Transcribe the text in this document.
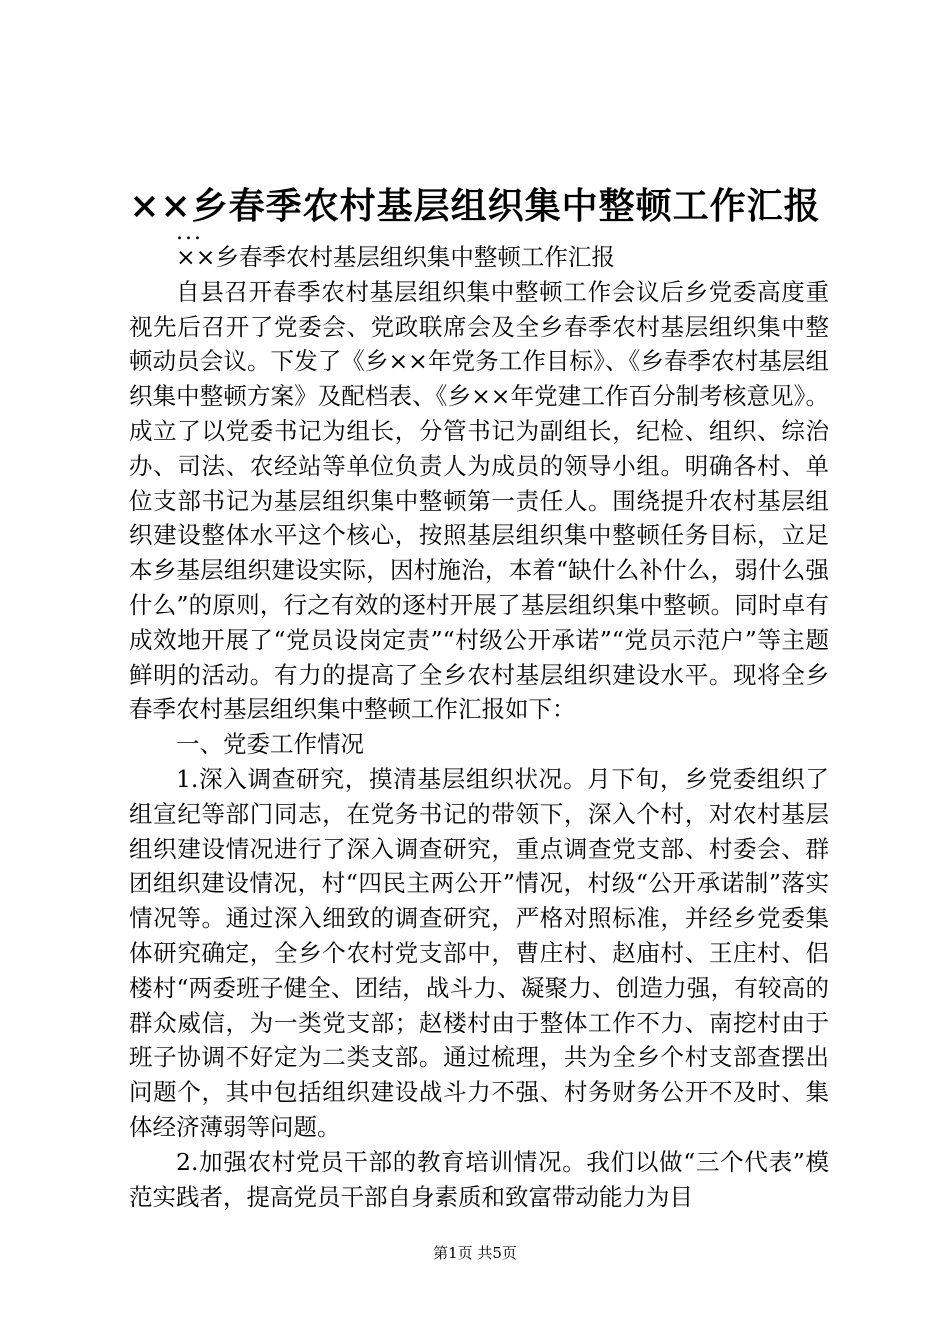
××乡春季农村基层组织集中整顿工作汇报
...

××乡春季农村基层组织集中整顿工作汇报

自县召开春季农村基层组织集中整顿工作会议后乡党委高度重视先后召开了党委会、党政联席会及全乡春季农村基层组织集中整顿动员会议。下发了《乡××年党务工作目标》、《乡春季农村基层组织集中整顿方案》及配档表、《乡××年党建工作百分制考核意见》。成立了以党委书记为组长，分管书记为副组长，纪检、组织、综治办、司法、农经站等单位负责人为成员的领导小组。明确各村、单位支部书记为基层组织集中整顿第一责任人。围绕提升农村基层组织建设整体水平这个核心，按照基层组织集中整顿任务目标，立足本乡基层组织建设实际，因村施治，本着“缺什么补什么，弱什么强什么”的原则，行之有效的逐村开展了基层组织集中整顿。同时卓有成效地开展了“党员设岗定责”“村级公开承诺”“党员示范户”等主题鲜明的活动。有力的提高了全乡农村基层组织建设水平。现将全乡春季农村基层组织集中整顿工作汇报如下：

一、党委工作情况

1.深入调查研究，摸清基层组织状况。月下旬，乡党委组织了组宣纪等部门同志，在党务书记的带领下，深入个村，对农村基层组织建设情况进行了深入调查研究，重点调查党支部、村委会、群团组织建设情况，村“四民主两公开”情况，村级“公开承诺制”落实情况等。通过深入细致的调查研究，严格对照标准，并经乡党委集体研究确定，全乡个农村党支部中，曹庄村、赵庙村、王庄村、侣楼村“两委班子健全、团结，战斗力、凝聚力、创造力强，有较高的群众威信，为一类党支部；赵楼村由于整体工作不力、南挖村由于班子协调不好定为二类支部。通过梳理，共为全乡个村支部查摆出问题个，其中包括组织建设战斗力不强、村务财务公开不及时、集体经济薄弱等问题。

2.加强农村党员干部的教育培训情况。我们以做“三个代表”模范实践者，提高党员干部自身素质和致富带动能力为目

第1页 共5页
